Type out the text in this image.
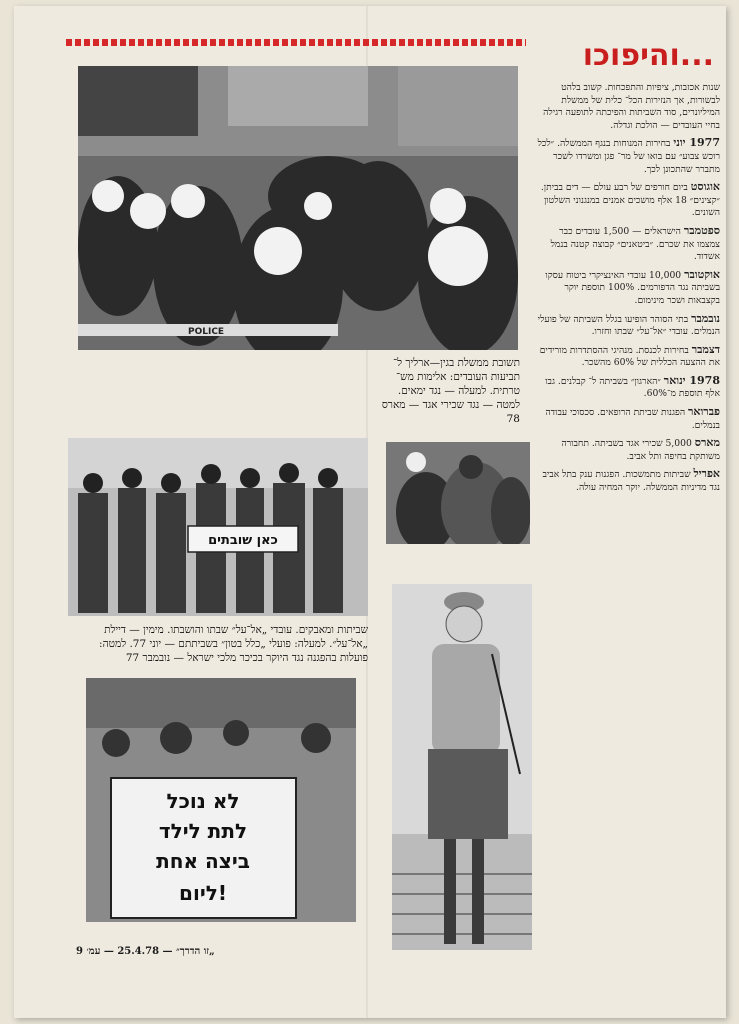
...והיפוכו
POLICE
תשובת ממשלת בגין—ארליך ל־ תביעות העובדים: אלימות מש־ טרתית. למעלה — נגד ימאים. למטה — נגד שכירי אגד — מארס 78
כאן שובתים
שביתות ומאבקים. עובדי „אל־על״ שבתו והושבתו. מימין — דיילת „אל־על״. למעלה: פועלי „כלל בטון״ בשביתתם — יוני 77. למטה: פועלות בהפגנה נגד היוקר בכיכר מלכי ישראל — נובמבר 77
לא נוכל
לתת לילד
ביצה אחת
ליום!

שנות אכזבות, ציפיות והתפכחות. קשוב בלהט לבשורות, אך הנזירות הכל־ כלית של ממשלת המיליונרים, סוד השביתות והפיכתה לתופעה רגילה בחיי העובדים — הולכת וגדלה.

1977 יוני בחירות המנוחות בנגף הממשלה. ״לכל רוכש צבוע״ עם בואו של מר־ פגן ומשרדו לשכר מתברר שהתכונן לכך.

אוגוסט ביום חורפים של רבע עולם — דים בביתן. ״קצינים״ 18 אלף מושכים אמנים במנגנוני השלטון השונים.

ספטמבר הישראלים — 1,500 עובדים כבר צמצמו את שכרם. ״ביטאנים״ קבוצה קטנה בנמל אשדוד.

אוקטובר 10,000 עובדי האינציקרי ביטוח עסקו בשביתה נגד הדפורמים. 100% תוספת יוקר בקצבאות ושכר מינימום.

נובמבר בתי הסוהר הופיעו בגלל השביתה של פועלי הנמלים. עובדי ״אל־על״ שבתו וחזרו.

דצמבר בחירות לכנסת. מנהיגי ההסתדרות מורידים את ההצעה הכללית של 60% מהשכר.

1978 ינואר ״הארגון״ בשביתה ל־ קבלנים. גבו אלף תוספת מ־60%.

פברואר הפגנות שביתת הרופאים. סכסוכי עבודה בנמלים.

מארס 5,000 שכירי אגד בשביתה. תחבורה משותקת בחיפה ותל אביב.

אפריל שביתות מתמשכות. הפגנות ענק בתל אביב נגד מדיניות הממשלה. יוקר המחיה עולה.

„זו הדרך״ — 25.4.78 — עמ׳ 9
